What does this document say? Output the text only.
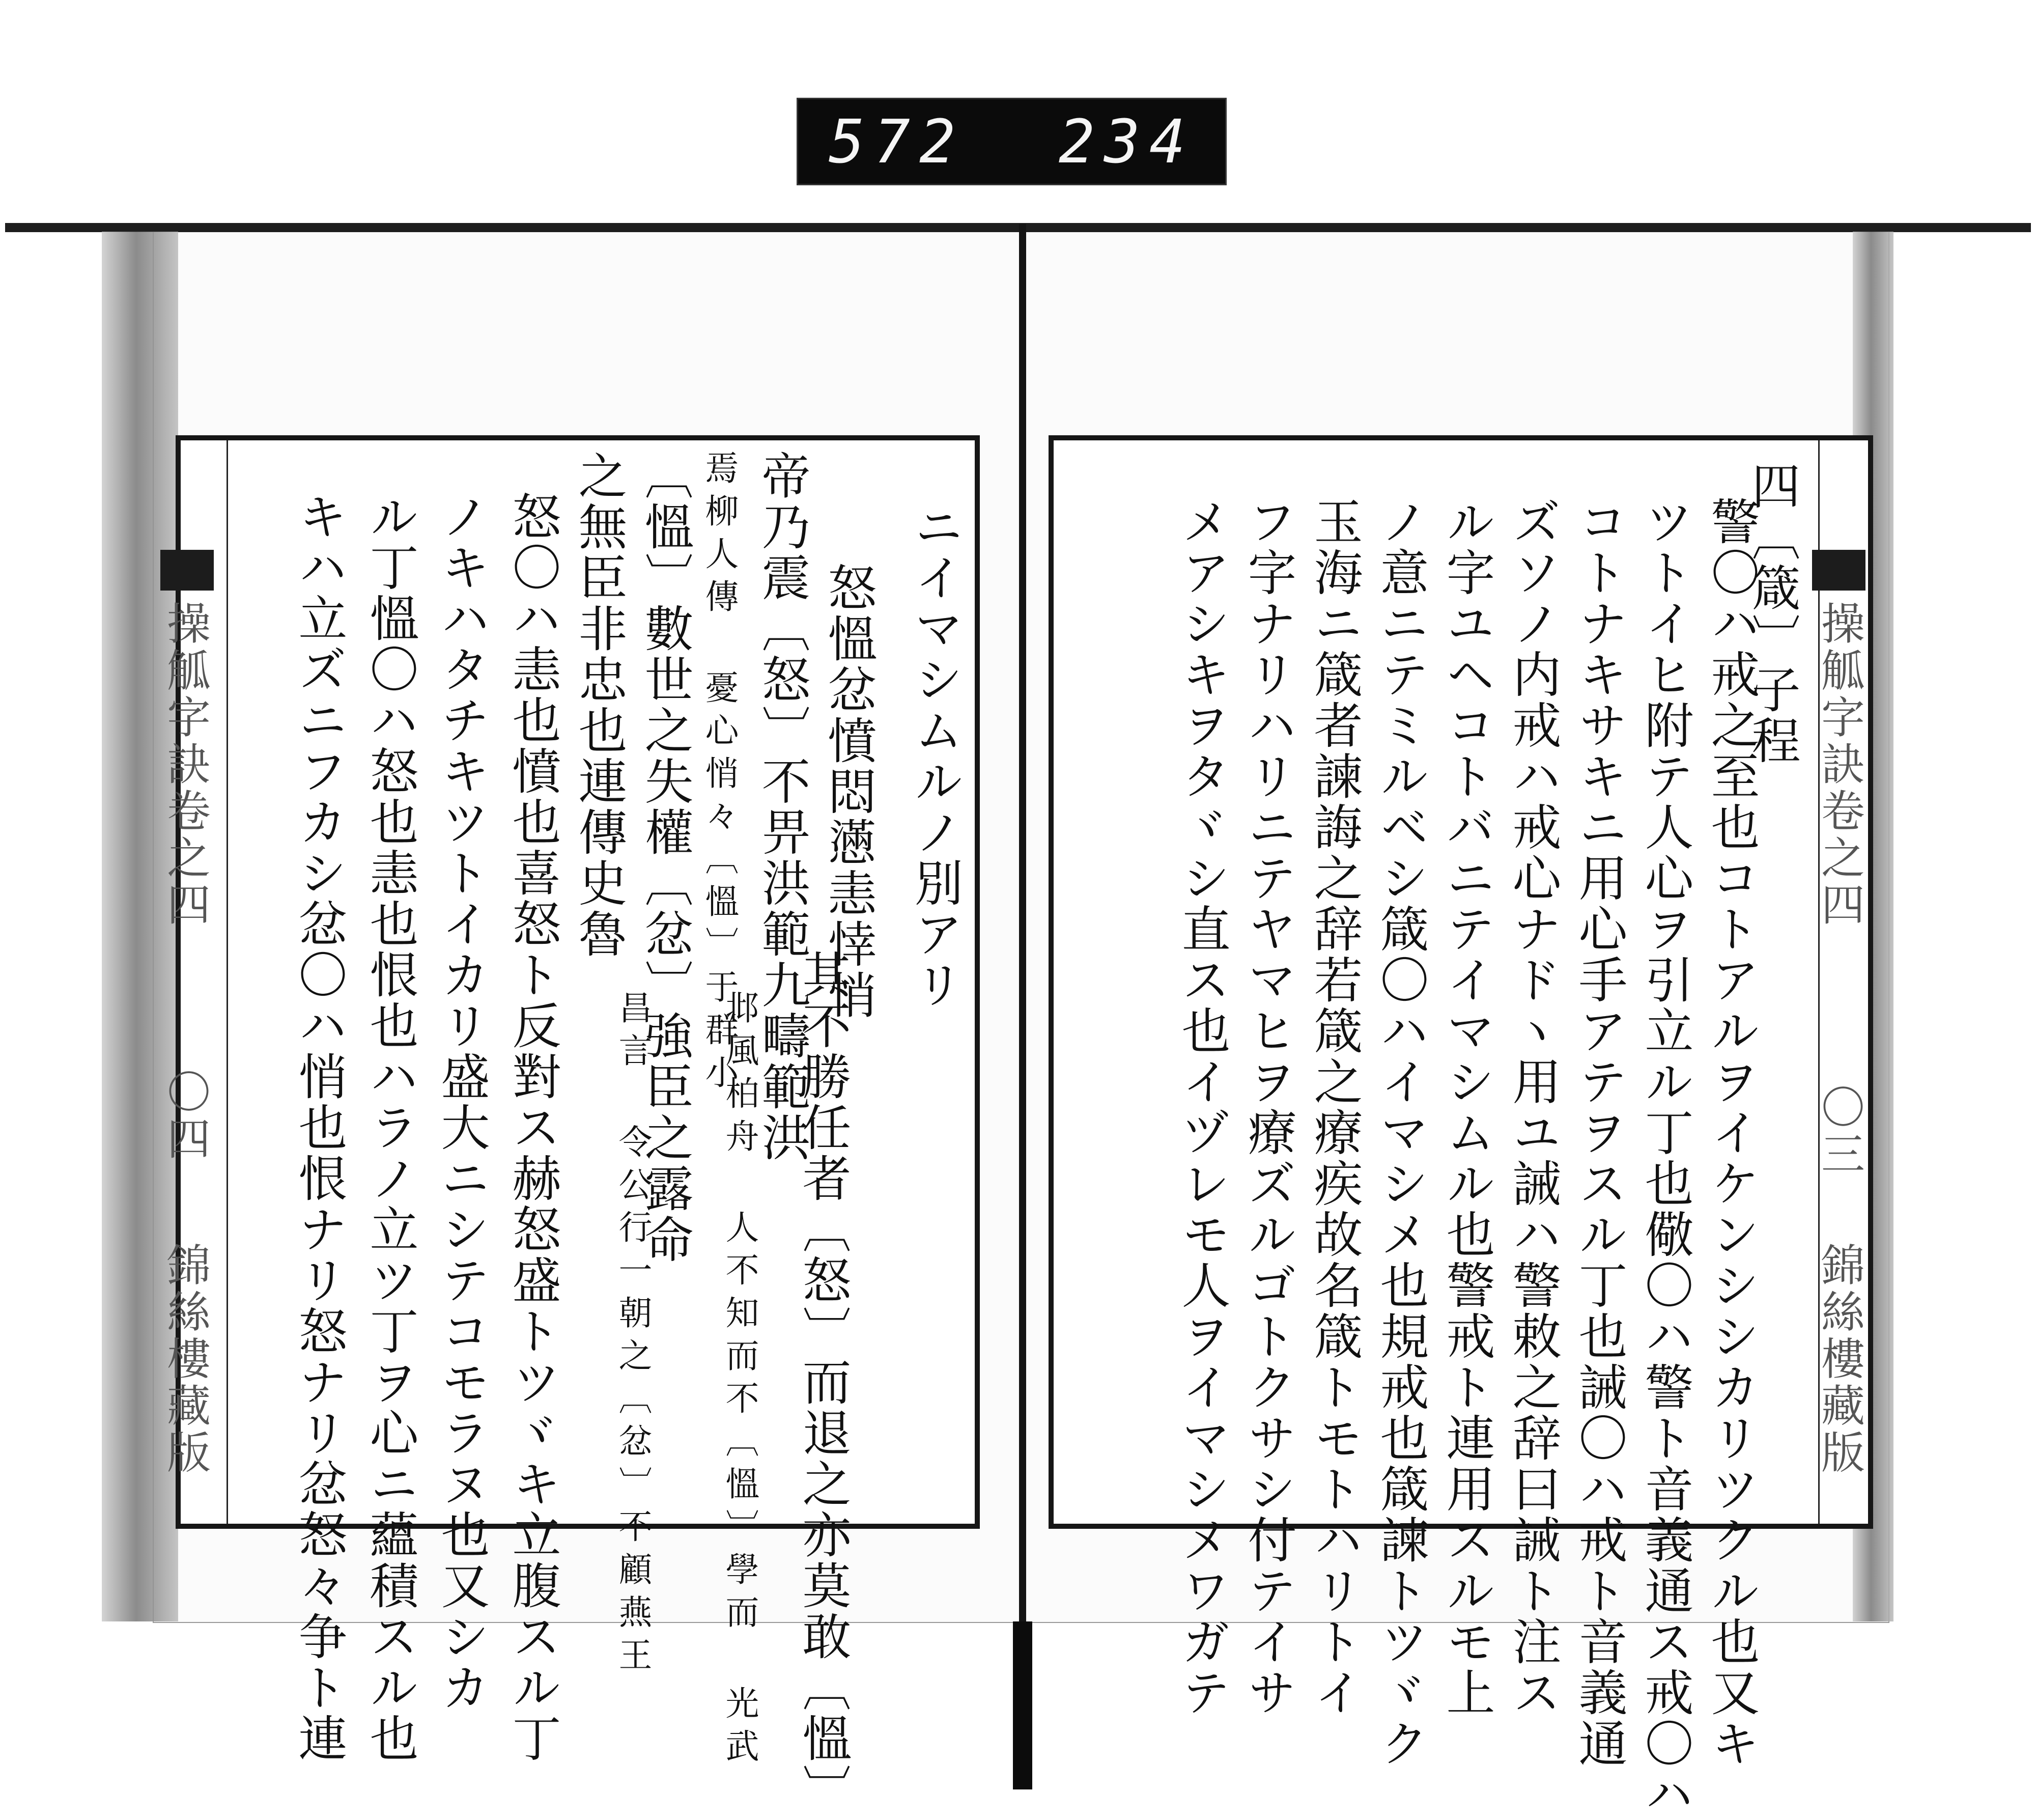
572 234
ニイマシムルノ別アリ
怒慍忿憤悶懣恚悻悄
帝乃震〔怒〕不畀洪範九疇範洪
焉柳人傳 憂心悄々〔慍〕于群小
〔慍〕數世之失權〔忿〕強臣之露命
之無臣非忠也連傳史魯
怒〇ハ恚也憤也喜怒ト反對ス赫怒盛トツヾキ立腹スル丁
ノキハタチキツトイカリ盛大ニシテコモラヌ也又シカ
ル丁慍〇ハ怒也恚也恨也ハラノ立ツ丁ヲ心ニ蘊積スル也
キハ立ズニフカシ忿〇ハ悄也恨ナリ怒ナリ忿怒々争ト連	其不勝任者〔怒〕而退之亦莫敢〔慍〕
邶風柏舟 人不知而不〔慍〕學而 光武
昌言 令公行一朝之〔忿〕不顧燕王
操觚字訣卷之四
〇四
錦絲樓藏版
四〔箴〕子程
警〇ハ戒之至也コトアルヲイケンシシカリツクル也又キ
ツトイヒ附テ人心ヲ引立ル丁也儆〇ハ警ト音義通ス戒〇ハ
コトナキサキニ用心手アテヲスル丁也誡〇ハ戒ト音義通
ズソノ内戒ハ戒心ナドヽ用ユ誡ハ警敕之辞曰誡ト注ス
ル字ユヘコトバニテイマシムル也警戒ト連用スルモ上
ノ意ニテミルベシ箴〇ハイマシメ也規戒也箴諫トツヾク
玉海ニ箴者諫誨之辞若箴之療疾故名箴トモトハリトイ
フ字ナリハリニテヤマヒヲ療ズルゴトクサシ付テイサ
メアシキヲタヾシ直ス也イヅレモ人ヲイマシメワガテ	操觚字訣卷之四
〇三
錦絲樓藏版
